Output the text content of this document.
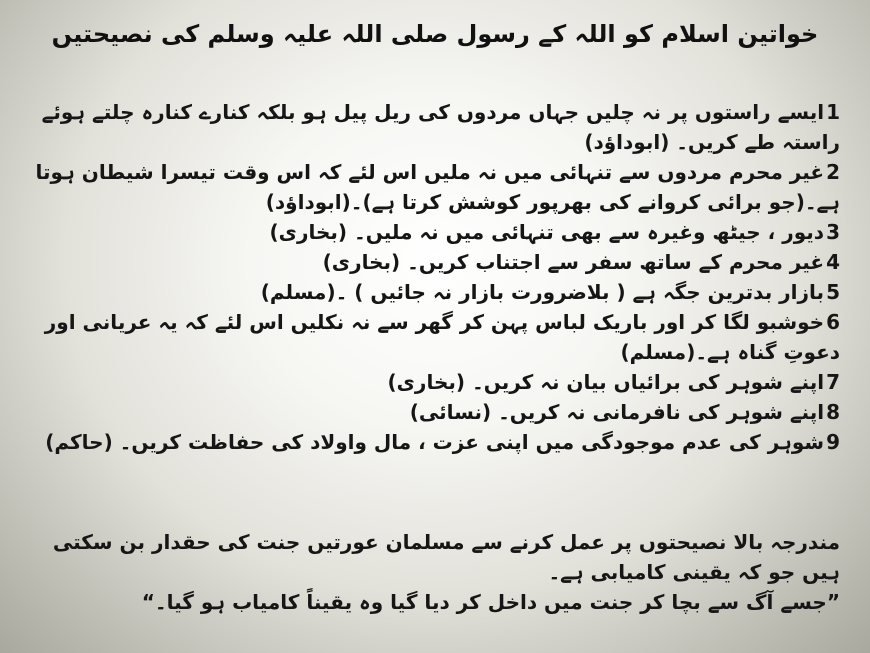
خواتین اسلام کو اللہ کے رسول صلی اللہ علیہ وسلم کی نصیحتیں

1ایسے راستوں پر نہ چلیں جہاں مردوں کی ریل پیل ہو بلکہ کنارے کنارہ چلتے ہوئے راستہ طے کریں۔ (ابوداؤد)

2غیر محرم مردوں سے تنہائی میں نہ ملیں اس لئے کہ اس وقت تیسرا شیطان ہوتا ہے۔(جو برائی کروانے کی بھرپور کوشش کرتا ہے)۔(ابوداؤد)

3دیور ، جیٹھ وغیرہ سے بھی تنہائی میں نہ ملیں۔ (بخاری)

4غیر محرم کے ساتھ سفر سے اجتناب کریں۔ (بخاری)

5بازار بدترین جگہ ہے ( بلاضرورت بازار نہ جائیں ) ۔(مسلم)

6خوشبو لگا کر اور باریک لباس پہن کر گھر سے نہ نکلیں اس لئے کہ یہ عریانی اور دعوتِ گناہ ہے۔(مسلم)

7اپنے شوہر کی برائیاں بیان نہ کریں۔ (بخاری)

8اپنے شوہر کی نافرمانی نہ کریں۔ (نسائی)

9شوہر کی عدم موجودگی میں اپنی عزت ، مال واولاد کی حفاظت کریں۔ (حاکم)

مندرجہ بالا نصیحتوں پر عمل کرنے سے مسلمان عورتیں جنت کی حقدار بن سکتی ہیں جو کہ یقینی کامیابی ہے۔

”جسے آگ سے بچا کر جنت میں داخل کر دیا گیا وہ یقیناً کامیاب ہو گیا۔“
